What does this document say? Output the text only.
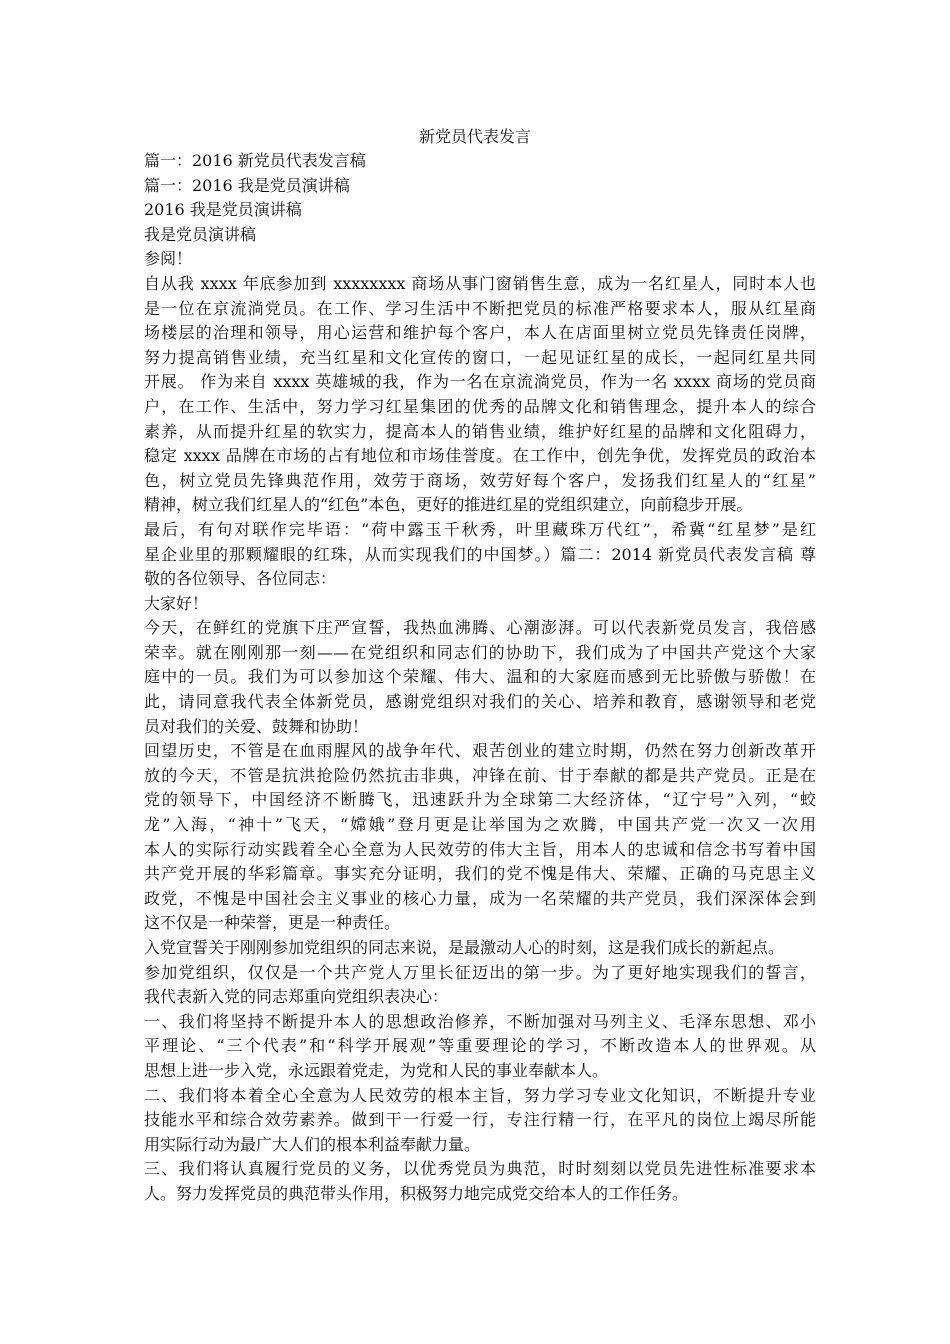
新党员代表发言
篇一：2016 新党员代表发言稿
篇一：2016 我是党员演讲稿
2016 我是党员演讲稿
我是党员演讲稿
参阅！
自从我 xxxx 年底参加到 xxxxxxxx 商场从事门窗销售生意，成为一名红星人，同时本人也
是一位在京流淌党员。在工作、学习生活中不断把党员的标准严格要求本人，服从红星商
场楼层的治理和领导，用心运营和维护每个客户，本人在店面里树立党员先锋责任岗牌，
努力提高销售业绩，充当红星和文化宣传的窗口，一起见证红星的成长，一起同红星共同
开展。 作为来自 xxxx 英雄城的我，作为一名在京流淌党员，作为一名 xxxx 商场的党员商
户，在工作、生活中，努力学习红星集团的优秀的品牌文化和销售理念，提升本人的综合
素养，从而提升红星的软实力，提高本人的销售业绩，维护好红星的品牌和文化阻碍力，
稳定 xxxx 品牌在市场的占有地位和市场佳誉度。在工作中，创先争优，发挥党员的政治本
色，树立党员先锋典范作用，效劳于商场，效劳好每个客户，发扬我们红星人的“红星”
精神，树立我们红星人的“红色”本色，更好的推进红星的党组织建立，向前稳步开展。
最后，有句对联作完毕语：“荷中露玉千秋秀，叶里藏珠万代红”，希冀“红星梦”是红
星企业里的那颗耀眼的红珠，从而实现我们的中国梦。）篇二：2014 新党员代表发言稿 尊
敬的各位领导、各位同志：
大家好！
今天，在鲜红的党旗下庄严宣誓，我热血沸腾、心潮澎湃。可以代表新党员发言，我倍感
荣幸。就在刚刚那一刻——在党组织和同志们的协助下，我们成为了中国共产党这个大家
庭中的一员。我们为可以参加这个荣耀、伟大、温和的大家庭而感到无比骄傲与骄傲！在
此，请同意我代表全体新党员，感谢党组织对我们的关心、培养和教育，感谢领导和老党
员对我们的关爱、鼓舞和协助！
回望历史，不管是在血雨腥风的战争年代、艰苦创业的建立时期，仍然在努力创新改革开
放的今天，不管是抗洪抢险仍然抗击非典，冲锋在前、甘于奉献的都是共产党员。正是在
党的领导下，中国经济不断腾飞，迅速跃升为全球第二大经济体，“辽宁号”入列，“蛟
龙”入海，“神十”飞天，“嫦娥”登月更是让举国为之欢腾，中国共产党一次又一次用
本人的实际行动实践着全心全意为人民效劳的伟大主旨，用本人的忠诚和信念书写着中国
共产党开展的华彩篇章。事实充分证明，我们的党不愧是伟大、荣耀、正确的马克思主义
政党，不愧是中国社会主义事业的核心力量，成为一名荣耀的共产党员，我们深深体会到
这不仅是一种荣誉，更是一种责任。
入党宣誓关于刚刚参加党组织的同志来说，是最激动人心的时刻，这是我们成长的新起点。
参加党组织，仅仅是一个共产党人万里长征迈出的第一步。为了更好地实现我们的誓言，
我代表新入党的同志郑重向党组织表决心：
一、我们将坚持不断提升本人的思想政治修养，不断加强对马列主义、毛泽东思想、邓小
平理论、“三个代表”和“科学开展观”等重要理论的学习，不断改造本人的世界观。从
思想上进一步入党，永远跟着党走，为党和人民的事业奉献本人。
二、我们将本着全心全意为人民效劳的根本主旨，努力学习专业文化知识，不断提升专业
技能水平和综合效劳素养。做到干一行爱一行，专注行精一行，在平凡的岗位上竭尽所能
用实际行动为最广大人们的根本利益奉献力量。
三、我们将认真履行党员的义务，以优秀党员为典范，时时刻刻以党员先进性标准要求本
人。努力发挥党员的典范带头作用，积极努力地完成党交给本人的工作任务。
